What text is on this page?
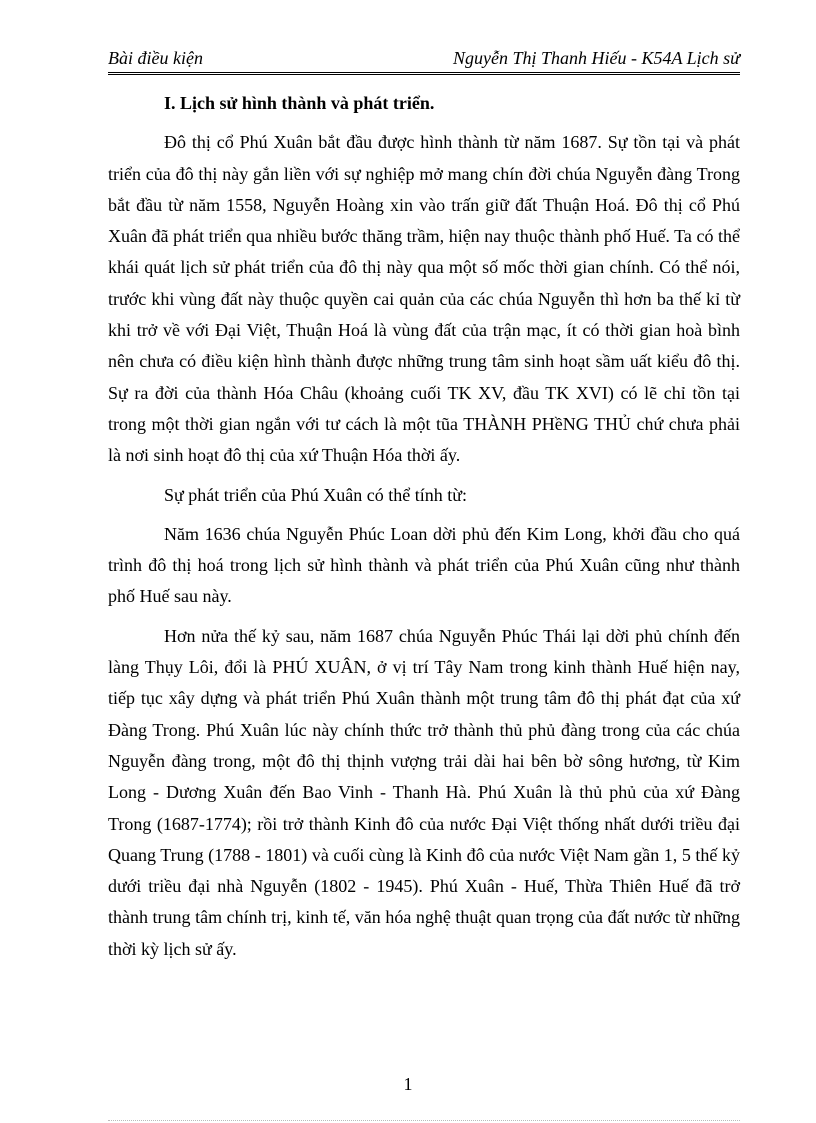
Bài điều kiện	Nguyễn Thị Thanh Hiếu - K54A Lịch sử

I. Lịch sử hình thành và phát triển.

Đô thị cổ Phú Xuân bắt đầu được hình thành từ năm 1687. Sự tồn tại và phát triển của đô thị này gắn liền với sự nghiệp mở mang chín đời chúa Nguyễn đàng Trong bắt đầu từ năm 1558, Nguyễn Hoàng xin vào trấn giữ đất Thuận Hoá. Đô thị cổ Phú Xuân đã phát triển qua nhiều bước thăng trầm, hiện nay thuộc thành phố Huế. Ta có thể khái quát lịch sử phát triển của đô thị này qua một số mốc thời gian chính. Có thể nói, trước khi vùng đất này thuộc quyền cai quản của các chúa Nguyễn thì hơn ba thế kỉ từ khi trở về với Đại Việt, Thuận Hoá là vùng đất của trận mạc, ít có thời gian hoà bình nên chưa có điều kiện hình thành được những trung tâm sinh hoạt sầm uất kiểu đô thị. Sự ra đời của thành Hóa Châu (khoảng cuối TK XV, đầu TK XVI) có lẽ chỉ tồn tại trong một thời gian ngắn với tư cách là một tũa THÀNH PHềNG THỦ chứ chưa phải là nơi sinh hoạt đô thị của xứ Thuận Hóa thời ấy.

Sự phát triển của Phú Xuân có thể tính từ:

Năm 1636 chúa Nguyễn Phúc Loan dời phủ đến Kim Long, khởi đầu cho quá trình đô thị hoá trong lịch sử hình thành và phát triển của Phú Xuân cũng như thành phố Huế sau này.

Hơn nửa thế kỷ sau, năm 1687 chúa Nguyễn Phúc Thái lại dời phủ chính đến làng Thụy Lôi, đổi là PHÚ XUÂN, ở vị trí Tây Nam trong kinh thành Huế hiện nay, tiếp tục xây dựng và phát triển Phú Xuân thành một trung tâm đô thị phát đạt của xứ Đàng Trong. Phú Xuân lúc này chính thức trở thành thủ phủ đàng trong của các chúa Nguyễn đàng trong, một đô thị thịnh vượng trải dài hai bên bờ sông hương, từ Kim Long - Dương Xuân đến Bao Vinh - Thanh Hà. Phú Xuân là thủ phủ của xứ Đàng Trong (1687-1774); rồi trở thành Kinh đô của nước Đại Việt thống nhất dưới triều đại Quang Trung (1788 - 1801) và cuối cùng là Kinh đô của nước Việt Nam gần 1, 5 thế kỷ dưới triều đại nhà Nguyễn (1802 - 1945). Phú Xuân - Huế, Thừa Thiên Huế đã trở thành trung tâm chính trị, kinh tế, văn hóa nghệ thuật quan trọng của đất nước từ những thời kỳ lịch sử ấy.

1
